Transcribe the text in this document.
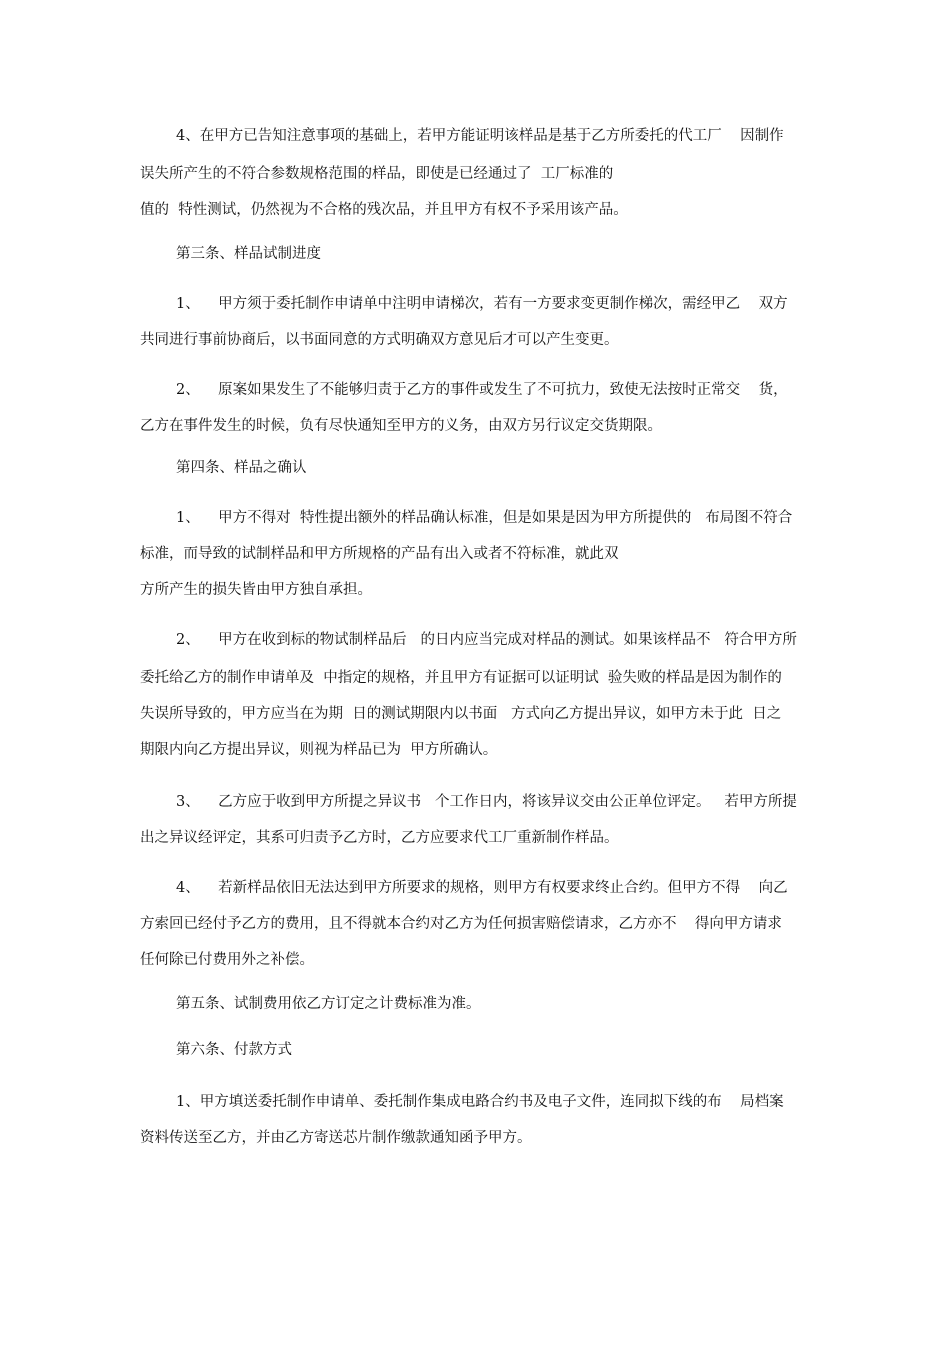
4、在甲方已告知注意事项的基础上，若甲方能证明该样品是基于乙方所委托的代工厂    因制作
误失所产生的不符合参数规格范围的样品，即使是已经通过了  工厂标准的
值的  特性测试，仍然视为不合格的残次品，并且甲方有权不予采用该产品。
第三条、样品试制进度
1、    甲方须于委托制作申请单中注明申请梯次，若有一方要求变更制作梯次，需经甲乙    双方
共同进行事前协商后，以书面同意的方式明确双方意见后才可以产生变更。
2、    原案如果发生了不能够归责于乙方的事件或发生了不可抗力，致使无法按时正常交    货，
乙方在事件发生的时候，负有尽快通知至甲方的义务，由双方另行议定交货期限。
第四条、样品之确认
1、    甲方不得对  特性提出额外的样品确认标准，但是如果是因为甲方所提供的   布局图不符合
标准，而导致的试制样品和甲方所规格的产品有出入或者不符标准，就此双
方所产生的损失皆由甲方独自承担。
2、    甲方在收到标的物试制样品后   的日内应当完成对样品的测试。如果该样品不   符合甲方所
委托给乙方的制作申请单及  中指定的规格，并且甲方有证据可以证明试  验失败的样品是因为制作的
失误所导致的，甲方应当在为期  日的测试期限内以书面   方式向乙方提出异议，如甲方未于此  日之
期限内向乙方提出异议，则视为样品已为  甲方所确认。
3、    乙方应于收到甲方所提之异议书   个工作日内，将该异议交由公正单位评定。   若甲方所提
出之异议经评定，其系可归责予乙方时，乙方应要求代工厂重新制作样品。
4、    若新样品依旧无法达到甲方所要求的规格，则甲方有权要求终止合约。但甲方不得    向乙
方索回已经付予乙方的费用，且不得就本合约对乙方为任何损害赔偿请求，乙方亦不    得向甲方请求
任何除已付费用外之补偿。
第五条、试制费用依乙方订定之计费标准为准。
第六条、付款方式
1、甲方填送委托制作申请单、委托制作集成电路合约书及电子文件，连同拟下线的布    局档案
资料传送至乙方，并由乙方寄送芯片制作缴款通知函予甲方。
